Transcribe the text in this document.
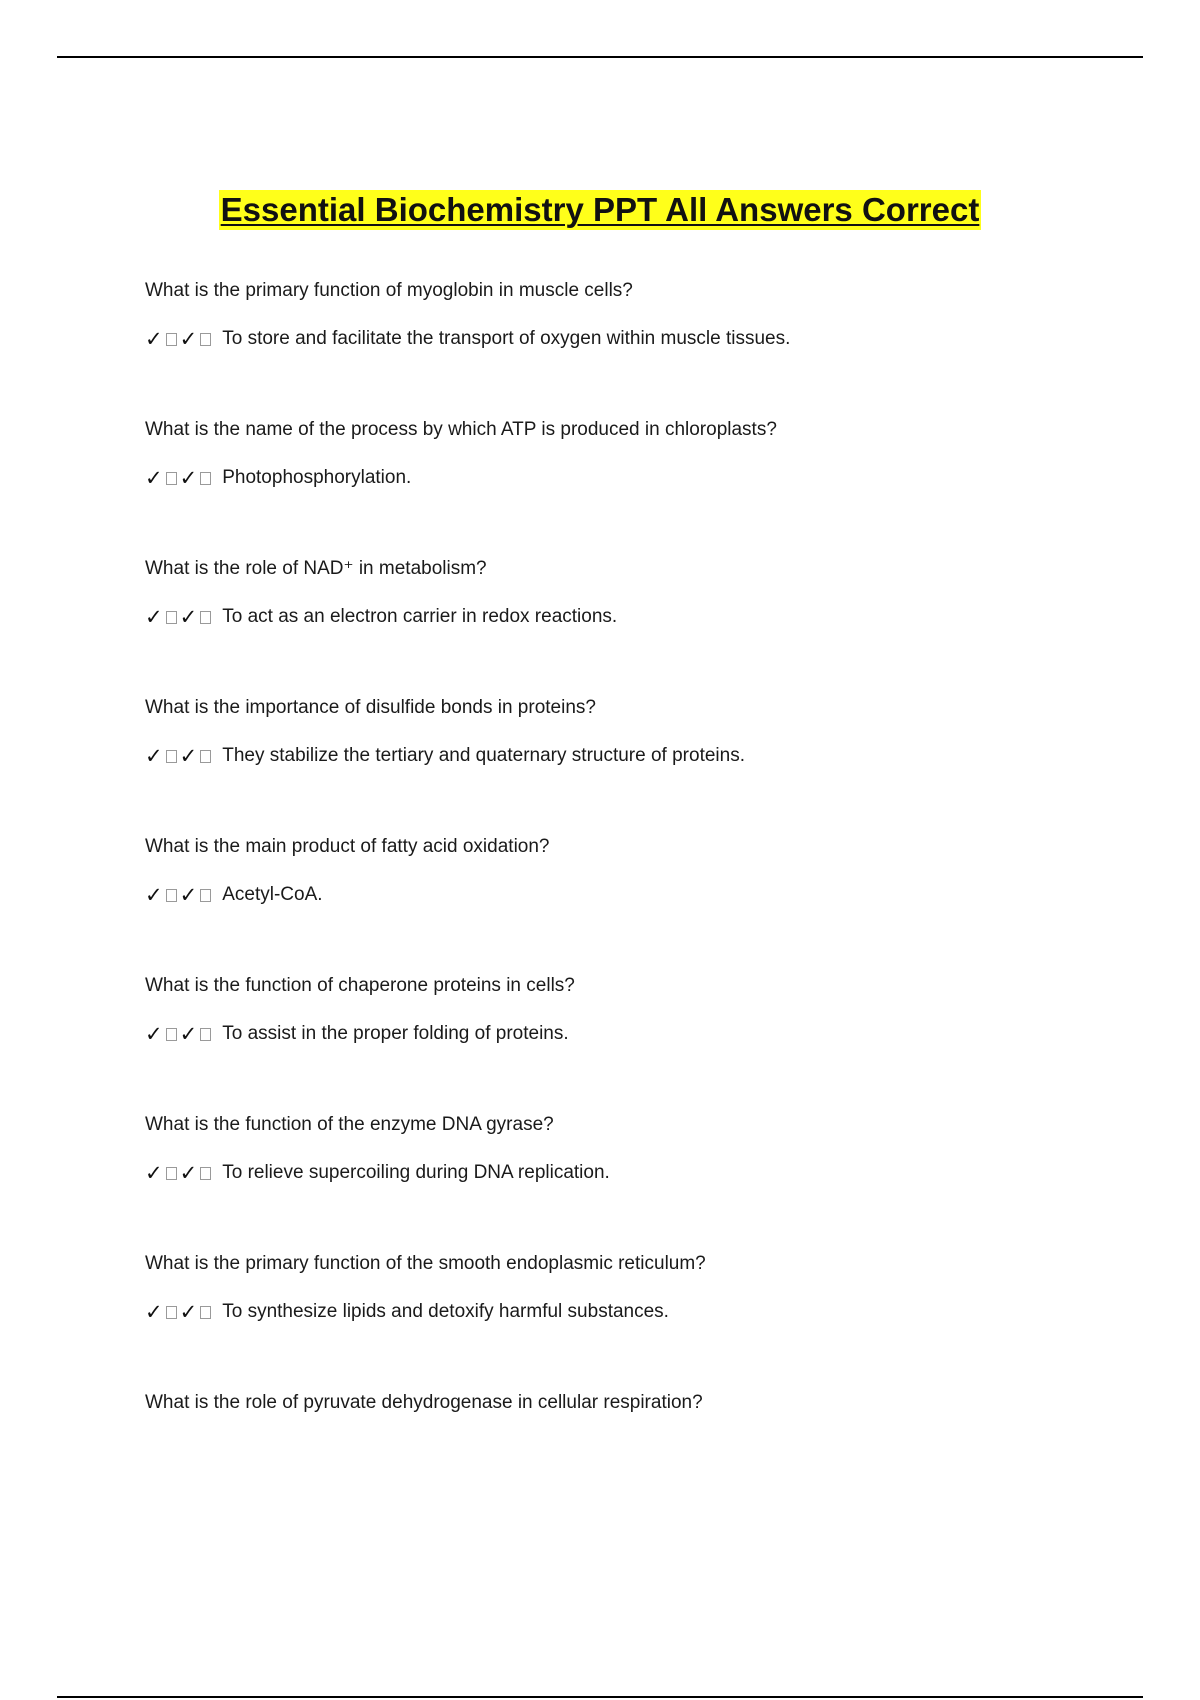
Essential Biochemistry PPT All Answers Correct

What is the primary function of myoglobin in muscle cells?

✓ ✓ To store and facilitate the transport of oxygen within muscle tissues.

What is the name of the process by which ATP is produced in chloroplasts?

✓ ✓ Photophosphorylation.

What is the role of NAD⁺ in metabolism?

✓ ✓ To act as an electron carrier in redox reactions.

What is the importance of disulfide bonds in proteins?

✓ ✓ They stabilize the tertiary and quaternary structure of proteins.

What is the main product of fatty acid oxidation?

✓ ✓ Acetyl-CoA.

What is the function of chaperone proteins in cells?

✓ ✓ To assist in the proper folding of proteins.

What is the function of the enzyme DNA gyrase?

✓ ✓ To relieve supercoiling during DNA replication.

What is the primary function of the smooth endoplasmic reticulum?

✓ ✓ To synthesize lipids and detoxify harmful substances.

What is the role of pyruvate dehydrogenase in cellular respiration?
